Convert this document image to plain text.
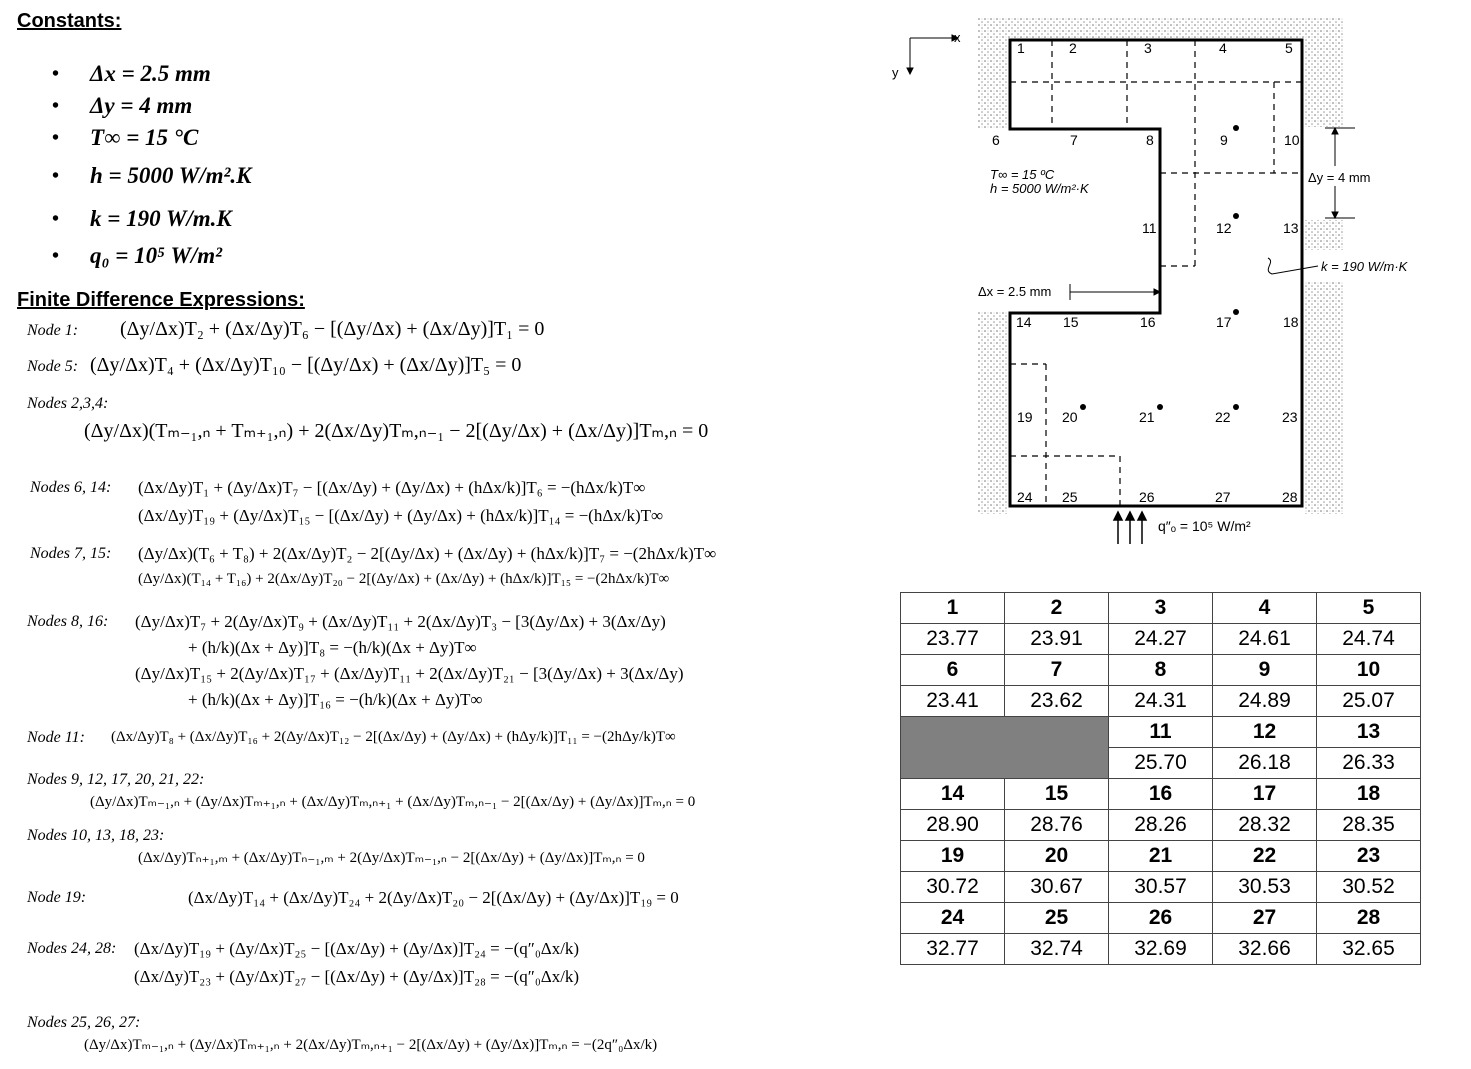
Constants:
• Δx = 2.5 mm
• Δy = 4 mm
• T∞ = 15 °C
• h = 5000 W/m².K
• k = 190 W/m.K
• q₀ = 10⁵ W/m²
Finite Difference Expressions:
Node 1: (Δy/Δx)T₂ + (Δx/Δy)T₆ − [(Δy/Δx) + (Δx/Δy)]T₁ = 0
Node 5: (Δy/Δx)T₄ + (Δx/Δy)T₁₀ − [(Δy/Δx) + (Δx/Δy)]T₅ = 0
Nodes 2,3,4:
(Δy/Δx)(Tₘ₋₁,ₙ + Tₘ₊₁,ₙ) + 2(Δx/Δy)Tₘ,ₙ₋₁ − 2[(Δy/Δx) + (Δx/Δy)]Tₘ,ₙ = 0
Nodes 6, 14: (Δx/Δy)T₁ + (Δy/Δx)T₇ − [(Δx/Δy) + (Δy/Δx) + (hΔx/k)]T₆ = −(hΔx/k)T∞
(Δx/Δy)T₁₉ + (Δy/Δx)T₁₅ − [(Δx/Δy) + (Δy/Δx) + (hΔx/k)]T₁₄ = −(hΔx/k)T∞
Nodes 7, 15: (Δy/Δx)(T₆ + T₈) + 2(Δx/Δy)T₂ − 2[(Δy/Δx) + (Δx/Δy) + (hΔx/k)]T₇ = −(2hΔx/k)T∞
(Δy/Δx)(T₁₄ + T₁₆) + 2(Δx/Δy)T₂₀ − 2[(Δy/Δx) + (Δx/Δy) + (hΔx/k)]T₁₅ = −(2hΔx/k)T∞
Nodes 8, 16: (Δy/Δx)T₇ + 2(Δy/Δx)T₉ + (Δx/Δy)T₁₁ + 2(Δx/Δy)T₃ − [3(Δy/Δx) + 3(Δx/Δy)
+ (h/k)(Δx + Δy)]T₈ = −(h/k)(Δx + Δy)T∞
(Δy/Δx)T₁₅ + 2(Δy/Δx)T₁₇ + (Δx/Δy)T₁₁ + 2(Δx/Δy)T₂₁ − [3(Δy/Δx) + 3(Δx/Δy)
+ (h/k)(Δx + Δy)]T₁₆ = −(h/k)(Δx + Δy)T∞
Node 11: (Δx/Δy)T₈ + (Δx/Δy)T₁₆ + 2(Δy/Δx)T₁₂ − 2[(Δx/Δy) + (Δy/Δx) + (hΔy/k)]T₁₁ = −(2hΔy/k)T∞
Nodes 9, 12, 17, 20, 21, 22:
(Δy/Δx)Tₘ₋₁,ₙ + (Δy/Δx)Tₘ₊₁,ₙ + (Δx/Δy)Tₘ,ₙ₊₁ + (Δx/Δy)Tₘ,ₙ₋₁ − 2[(Δx/Δy) + (Δy/Δx)]Tₘ,ₙ = 0
Nodes 10, 13, 18, 23:
(Δx/Δy)Tₙ₊₁,ₘ + (Δx/Δy)Tₙ₋₁,ₘ + 2(Δy/Δx)Tₘ₋₁,ₙ − 2[(Δx/Δy) + (Δy/Δx)]Tₘ,ₙ = 0
Node 19:	(Δx/Δy)T₁₄ + (Δx/Δy)T₂₄ + 2(Δy/Δx)T₂₀ − 2[(Δx/Δy) + (Δy/Δx)]T₁₉ = 0
Nodes 24, 28: (Δx/Δy)T₁₉ + (Δy/Δx)T₂₅ − [(Δx/Δy) + (Δy/Δx)]T₂₄ = −(q″₀Δx/k)
(Δx/Δy)T₂₃ + (Δy/Δx)T₂₇ − [(Δx/Δy) + (Δy/Δx)]T₂₈ = −(q″₀Δx/k)
Nodes 25, 26, 27:
(Δy/Δx)Tₘ₋₁,ₙ + (Δy/Δx)Tₘ₊₁,ₙ + 2(Δx/Δy)Tₘ,ₙ₊₁ − 2[(Δx/Δy) + (Δy/Δx)]Tₘ,ₙ = −(2q″₀Δx/k)
x
y
1	2	3	4	5
6	7	8	9	10
11	12	13
14 15	16	17	18
19 20	21	22	23
24 25	26	27	28
T∞ = 15 ºC
h = 5000 W/m²·K
Δy = 4 mm
k = 190 W/m·K
Δx = 2.5 mm
q″ₒ = 10⁵ W/m²
1	2	3	4	5
23.77	23.91	24.27	24.61	24.74
6	7	8	9	10
23.41	23.62	24.31	24.89	25.07
		11	12	13
		25.70	26.18	26.33
14	15	16	17	18
28.90	28.76	28.26	28.32	28.35
19	20	21	22	23
30.72	30.67	30.57	30.53	30.52
24	25	26	27	28
32.77	32.74	32.69	32.66	32.65
